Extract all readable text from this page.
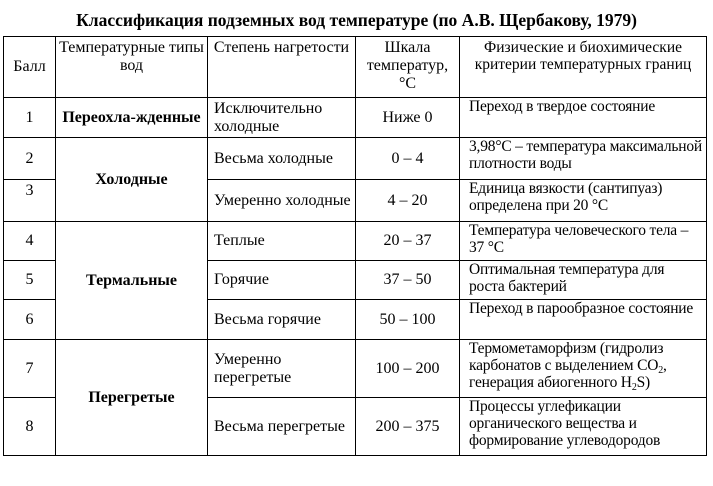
Классификация подземных вод температуре (по А.В. Щербакову, 1979)
Балл	Температурные типы вод	Степень нагретости	Шкала температур, °С	Физические и биохимические критерии температурных границ
1	Переохла-жденные	Исключительно холодные	Ниже 0	Переход в твердое состояние
2	Холодные	Весьма холодные	0 – 4	3,98°С – температура максимальной плотности воды
3		Умеренно холодные	4 – 20	Единица вязкости (сантипуаз) определена при 20 °С
4	Термальные	Теплые	20 – 37	Температура человеческого тела – 37 °С
5		Горячие	37 – 50	Оптимальная температура для роста бактерий
6		Весьма горячие	50 – 100	Переход в парообразное состояние
7	Перегретые	Умеренно перегретые	100 – 200	Термометаморфизм (гидролиз карбонатов с выделением $CO_2$, генерация абиогенного $H_2S$)
8		Весьма перегретые	200 – 375	Процессы углефикации органического вещества и формирование углеводородов
